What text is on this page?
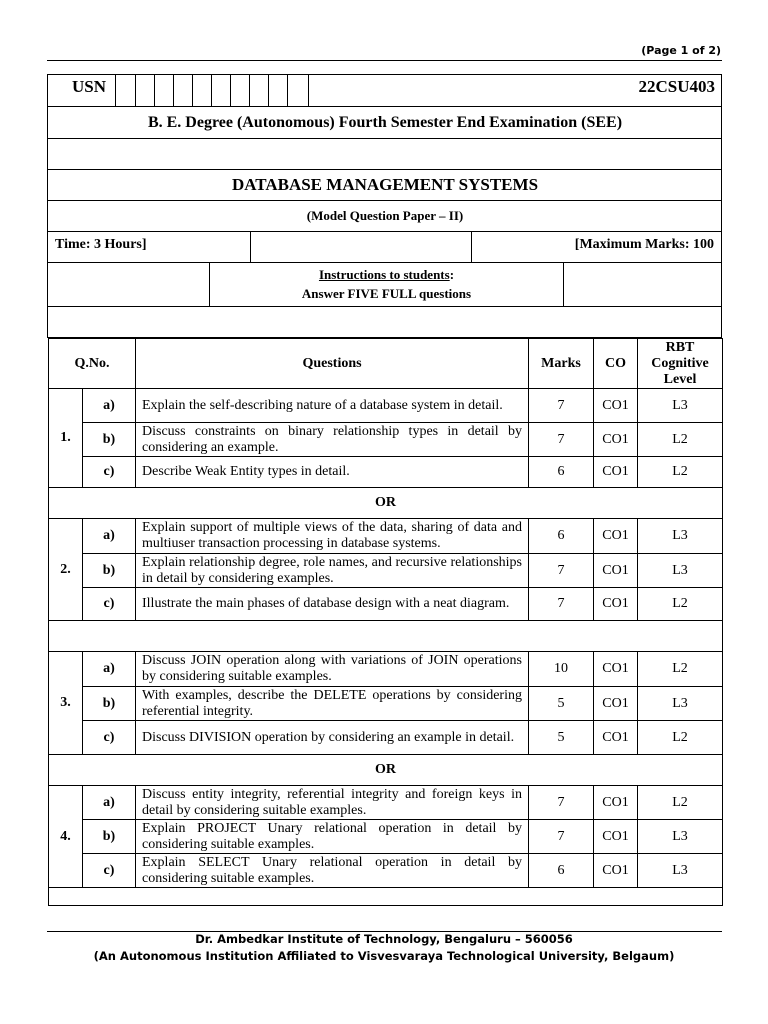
(Page 1 of 2)
USN	22CSU403
B. E. Degree (Autonomous) Fourth Semester End Examination (SEE)
DATABASE MANAGEMENT SYSTEMS
(Model Question Paper – II)
Time: 3 Hours]	[Maximum Marks: 100
Instructions to students:
Answer FIVE FULL questions
Q.No.		Questions	Marks	CO	RBT Cognitive Level
1.	a)	Explain the self-describing nature of a database system in detail.	7	CO1	L3
	b)	Discuss constraints on binary relationship types in detail by considering an example.	7	CO1	L2
	c)	Describe Weak Entity types in detail.	6	CO1	L2
OR					
2.	a)	Explain support of multiple views of the data, sharing of data and multiuser transaction processing in database systems.	6	CO1	L3
	b)	Explain relationship degree, role names, and recursive relationships in detail by considering examples.	7	CO1	L3
	c)	Illustrate the main phases of database design with a neat diagram.	7	CO1	L2

3.	a)	Discuss JOIN operation along with variations of JOIN operations by considering suitable examples.	10	CO1	L2
	b)	With examples, describe the DELETE operations by considering referential integrity.	5	CO1	L3
	c)	Discuss DIVISION operation by considering an example in detail.	5	CO1	L2
OR					
4.	a)	Discuss entity integrity, referential integrity and foreign keys in detail by considering suitable examples.	7	CO1	L2
	b)	Explain PROJECT Unary relational operation in detail by considering suitable examples.	7	CO1	L3
	c)	Explain SELECT Unary relational operation in detail by considering suitable examples.	6	CO1	L3

Dr. Ambedkar Institute of Technology, Bengaluru – 560056
(An Autonomous Institution Affiliated to Visvesvaraya Technological University, Belgaum)
